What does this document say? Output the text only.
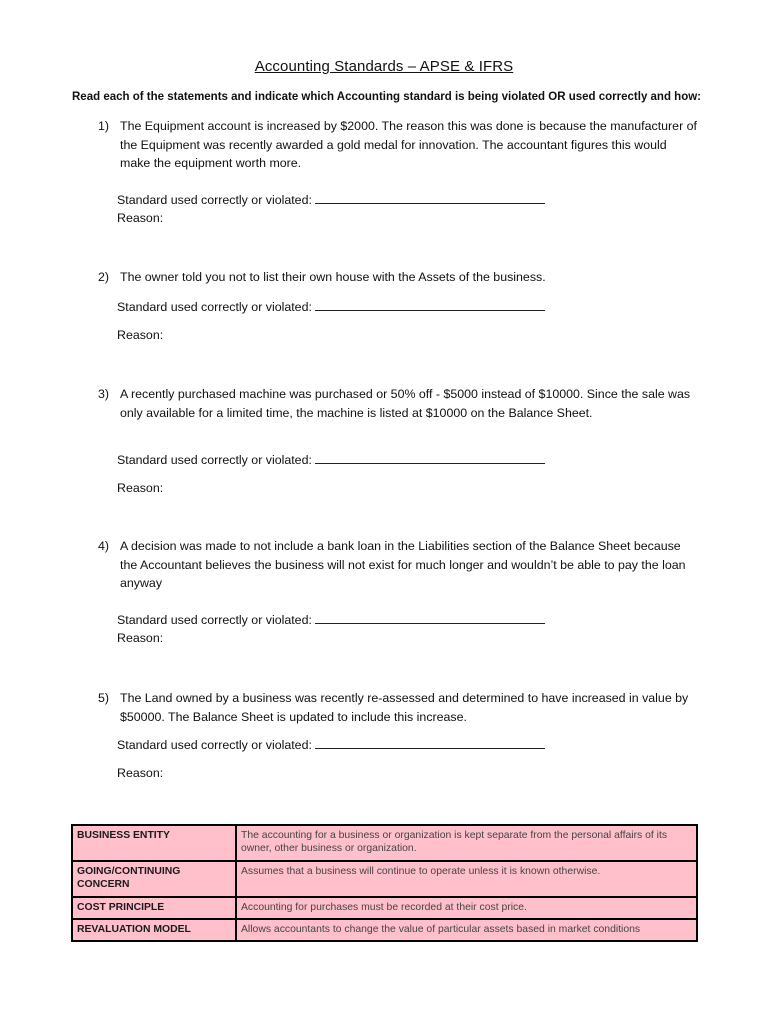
Accounting Standards – APSE & IFRS
Read each of the statements and indicate which Accounting standard is being violated OR used correctly and how:
1) The Equipment account is increased by $2000. The reason this was done is because the manufacturer of the Equipment was recently awarded a gold medal for innovation. The accountant figures this would make the equipment worth more.
Standard used correctly or violated:
Reason:
2) The owner told you not to list their own house with the Assets of the business.
Standard used correctly or violated:
Reason:
3) A recently purchased machine was purchased or 50% off - $5000 instead of $10000. Since the sale was only available for a limited time, the machine is listed at $10000 on the Balance Sheet.
Standard used correctly or violated:
Reason:
4) A decision was made to not include a bank loan in the Liabilities section of the Balance Sheet because the Accountant believes the business will not exist for much longer and wouldn’t be able to pay the loan anyway
Standard used correctly or violated:
Reason:
5) The Land owned by a business was recently re-assessed and determined to have increased in value by $50000. The Balance Sheet is updated to include this increase.
Standard used correctly or violated:
Reason:
BUSINESS ENTITY	The accounting for a business or organization is kept separate from the personal affairs of its owner, other business or organization.
GOING/CONTINUING CONCERN	Assumes that a business will continue to operate unless it is known otherwise.
COST PRINCIPLE	Accounting for purchases must be recorded at their cost price.
REVALUATION MODEL	Allows accountants to change the value of particular assets based in market conditions
